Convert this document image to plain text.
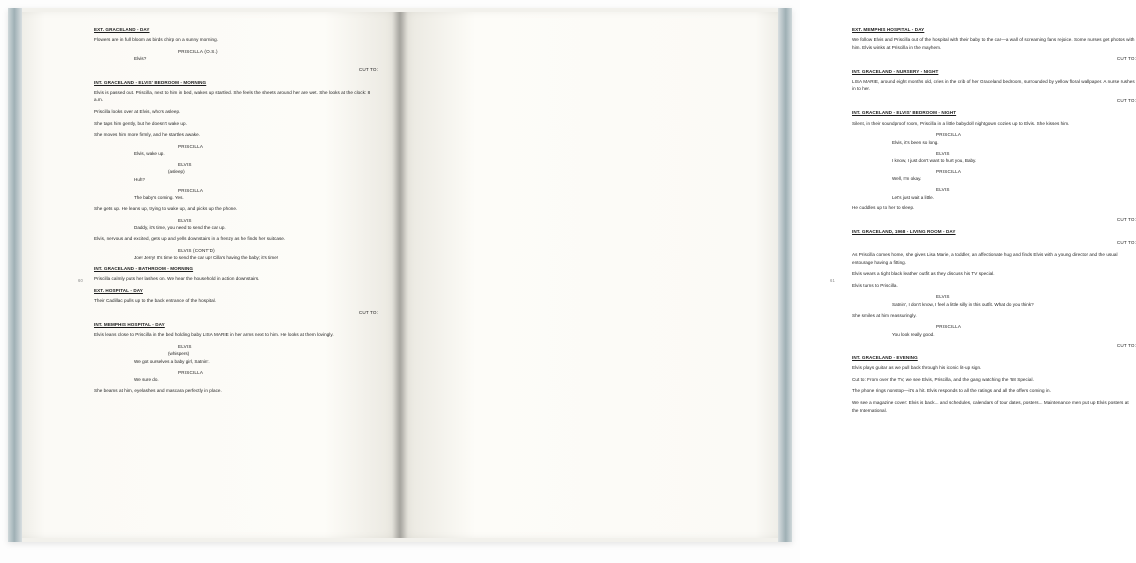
EXT. GRACELAND - DAY
Flowers are in full bloom as birds chirp on a sunny morning.
PRISCILLA (O.S.)
Elvis?
CUT TO:
INT. GRACELAND - ELVIS' BEDROOM - MORNING
Elvis is passed out. Priscilla, next to him in bed, wakes up startled. She feels the sheets around her are wet. She looks at the clock: 8 a.m.
Priscilla looks over at Elvis, who's asleep.
She taps him gently, but he doesn't wake up.
She moves him more firmly, and he startles awake.
PRISCILLA
Elvis, wake up.
ELVIS
(asleep)
Huh?
PRISCILLA
The baby's coming. Yes.
She gets up. He leans up, trying to wake up, and picks up the phone.
ELVIS
Daddy, it's time, you need to send the car up.
Elvis, nervous and excited, gets up and yells downstairs in a frenzy as he finds her suitcase.
ELVIS (CONT'D)
Joe! Jerry! It's time to send the car up! Cilla's having the baby; it's time!
INT. GRACELAND - BATHROOM - MORNING
Priscilla calmly puts her lashes on. We hear the household in action downstairs.
EXT. HOSPITAL - DAY
Their Cadillac pulls up to the back entrance of the hospital.
CUT TO:
INT. MEMPHIS HOSPITAL - DAY
Elvis leans close to Priscilla in the bed holding baby LISA MARIE in her arms next to him. He looks at them lovingly.
ELVIS
(whispers)
We got ourselves a baby girl, Satnin'.
PRISCILLA
We sure do.
She beams at him, eyelashes and mascara perfectly in place.
60
EXT. MEMPHIS HOSPITAL - DAY
We follow Elvis and Priscilla out of the hospital with their baby to the car—a wall of screaming fans rejoice. Some nurses get photos with him. Elvis winks at Priscilla in the mayhem.
CUT TO:
INT. GRACELAND - NURSERY - NIGHT
LISA MARIE, around eight months old, cries in the crib of her Graceland bedroom, surrounded by yellow floral wallpaper. A nurse rushes in to her.
CUT TO:
INT. GRACELAND - ELVIS' BEDROOM - NIGHT
Silent, in their soundproof room, Priscilla in a little babydoll nightgown cozies up to Elvis. She kisses him.
PRISCILLA
Elvis, it's been so long.
ELVIS
I know, I just don't want to hurt you, Baby.
PRISCILLA
Well, I'm okay.
ELVIS
Let's just wait a little.
He cuddles up to her to sleep.
CUT TO:
INT. GRACELAND, 1968 - LIVING ROOM - DAY
CUT TO:
As Priscilla comes home, she gives Lisa Marie, a toddler, an affectionate hug and finds Elvis with a young director and the usual entourage having a fitting.
Elvis wears a tight black leather outfit as they discuss his TV special.
Elvis turns to Priscilla.
ELVIS
Satnin', I don't know, I feel a little silly in this outfit. What do you think?
She smiles at him reassuringly.
PRISCILLA
You look really good.
CUT TO:
INT. GRACELAND - EVENING
Elvis plays guitar as we pull back through his iconic lit-up sign.
Cut to: From over the TV, we see Elvis, Priscilla, and the gang watching the '68 Special.
The phone rings nonstop—it's a hit. Elvis responds to all the ratings and all the offers coming in.
We see a magazine cover: Elvis is back... and schedules, calendars of tour dates, posters... Maintenance men put up Elvis posters at the International.
61
